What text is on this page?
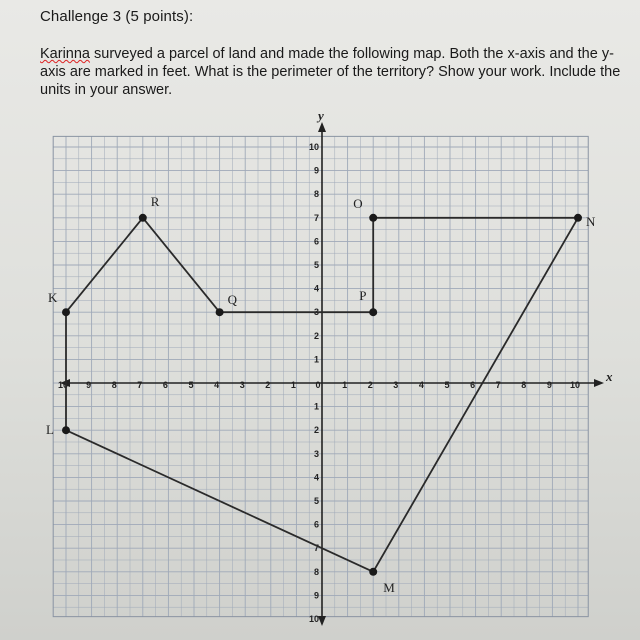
Challenge 3 (5 points):
Karinna surveyed a parcel of land and made the following map. Both the x-axis and the y-axis are marked in feet. What is the perimeter of the territory? Show your work. Include the units in your answer.
x
y
10 9 8 7 6 5 4 3 2 1 0 1 2 3 4 5 6 7 8 9 10
10
9
8
7
6
5
4
3
2
1
1
2
3
4
5
6
7
8
9
10
K
R
Q	P
O
N
M
L
